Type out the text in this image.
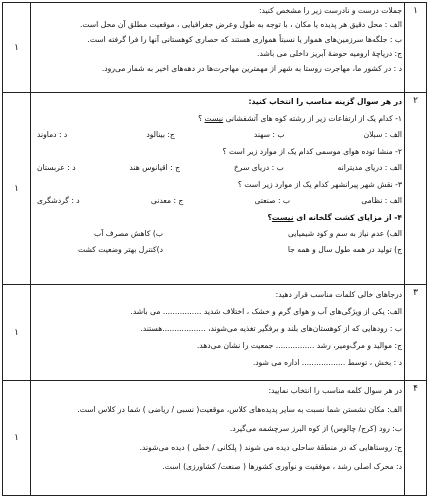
۱
۱
جملات درست و نادرست زیر را مشخص کنید:
الف : محل دقیق هر پدیده یا مکان ، با توجه به طول وعرض جغرافیایی ، موقعیت مطلق آن محل است.
ب : جلگه‌ها سرزمین‌های هموار یا نسبتاً همواری هستند که حصاری کوهستانی آنها را فرا گرفته است.
ج: دریاچهٔ ارومیه حوضهٔ آبریز داخلی می باشد.
د : در کشور ما، مهاجرت روستا به شهر از مهمترین مهاجرت‌ها در دهه‌های اخیر به شمار می‌رود.
۲
۱
در هر سوال گزینه مناسب را انتخاب کنید:
۱- کدام یک از ارتفاعات زیر از رشته کوه های آتشفشانی نیست ؟
الف : سبلان
ب : سهند
ج: بینالود
د : دماوند
۲- منشا توده هوای موسمی کدام یک از موارد زیر است ؟
الف : دریای مدیترانه
ب : دریای سرخ
ج : اقیانوس هند
د : عربستان
۳- نقش شهر پیرانشهر کدام یک از موارد زیر است ؟
الف : نظامی
ب : صنعتی
ج : معدنی
د : گردشگری
۴- از مزایای کشت گلخانه ای نیست؟
الف) عدم نیاز به سم و کود شیمیایی
ب) کاهش مصرف آب
ج) تولید در همه طول سال و همه جا
د)کنترل بهتر وضعیت کشت
۳
۱
درجاهای خالی کلمات مناسب قرار دهید:
الف: یکی از ویژگی‌های آب و هوای گرم و خشک ، اختلاف شدید ................ می باشد.
ب : رودهایی که از کوهستان‌های بلند و برفگیر تغذیه می‌شوند، ..................هستند.
ج: موالید و مرگ‌ومیر، رشد ................ جمعیت را نشان می‌دهد.
د : بخش ، توسط .................. اداره می شود.
۴
۱
در هر سوال کلمه مناسب را انتخاب نمایید:
الف: مکان نشستن شما نسبت به سایر پدیده‌های کلاس، موقعیت( نسبی / ریاضی ) شما در کلاس است.
ب: رود (کرج/ چالوس) از کوه البرز سرچشمه می‌گیرد.
ج: روستاهایی که در منطقهٔ ساحلی دیده می شوند ( پلکانی / خطی ) دیده می‌شوند.
د: محرک اصلی رشد ، موفقیت و نوآوری کشورها ( صنعت/ کشاورزی) است.
